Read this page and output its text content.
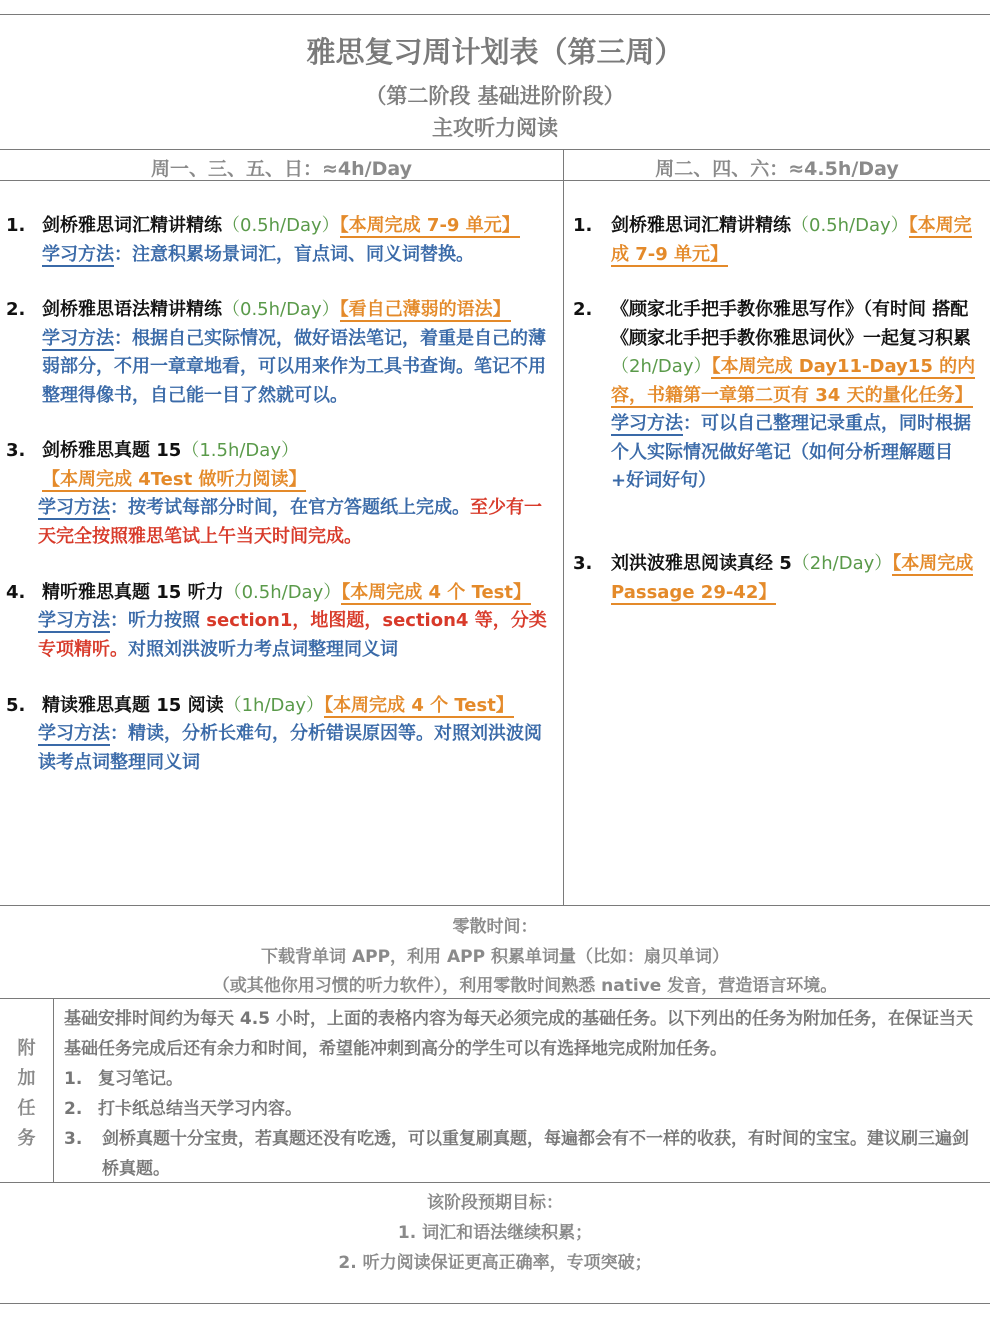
雅思复习周计划表（第三周）
（第二阶段 基础进阶阶段）
主攻听力阅读
周一、三、五、日：≈4h/Day	周二、四、六：≈4.5h/Day
1. 剑桥雅思词汇精讲精练（0.5h/Day）【本周完成 7-9 单元】

学习方法：注意积累场景词汇，盲点词、同义词替换。

2. 剑桥雅思语法精讲精练（0.5h/Day）【看自己薄弱的语法】

学习方法：根据自己实际情况，做好语法笔记，着重是自己的薄弱部分，不用一章章地看，可以用来作为工具书查询。笔记不用整理得像书，自己能一目了然就可以。

3. 剑桥雅思真题 15（1.5h/Day）【本周完成 4Test 做听力阅读】

学习方法：按考试每部分时间，在官方答题纸上完成。至少有一天完全按照雅思笔试上午当天时间完成。
4. 精听雅思真题 15 听力（0.5h/Day）【本周完成 4 个 Test】

学习方法：听力按照 section1，地图题，section4 等，分类专项精听。对照刘洪波听力考点词整理同义词
5. 精读雅思真题 15 阅读（1h/Day）【本周完成 4 个 Test】

学习方法：精读，分析长难句，分析错误原因等。对照刘洪波阅读考点词整理同义词
1. 剑桥雅思词汇精讲精练（0.5h/Day）【本周完成 7-9 单元】

2. 《顾家北手把手教你雅思写作》（有时间 搭配《顾家北手把手教你雅思词伙》一起复习积累（2h/Day）【本周完成 Day11-Day15 的内容，书籍第一章第二页有 34 天的量化任务】

学习方法：可以自己整理记录重点，同时根据个人实际情况做好笔记（如何分析理解题目+好词好句）

3. 刘洪波雅思阅读真经 5（2h/Day）【本周完成 Passage 29-42】

零散时间：
下载背单词 APP，利用 APP 积累单词量（比如：扇贝单词）
（或其他你用习惯的听力软件），利用零散时间熟悉 native 发音，营造语言环境。
附
加
任
务

基础安排时间约为每天 4.5 小时，上面的表格内容为每天必须完成的基础任务。以下列出的任务为附加任务，在保证当天基础任务完成后还有余力和时间，希望能冲刺到高分的学生可以有选择地完成附加任务。

1. 复习笔记。
2. 打卡纸总结当天学习内容。
3. 剑桥真题十分宝贵，若真题还没有吃透，可以重复刷真题，每遍都会有不一样的收获，有时间的宝宝。建议刷三遍剑桥真题。
该阶段预期目标：
1. 词汇和语法继续积累；
2. 听力阅读保证更高正确率，专项突破；
